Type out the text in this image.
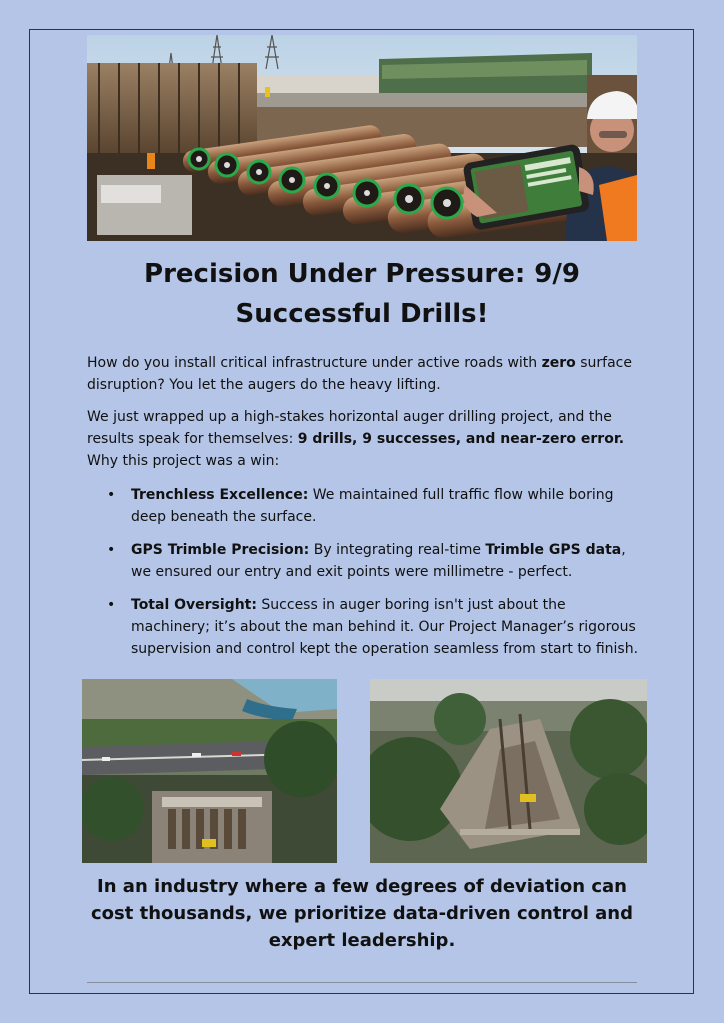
Precision Under Pressure: 9/9 Successful Drills!

How do you install critical infrastructure under active roads with zero surface disruption? You let the augers do the heavy lifting.

We just wrapped up a high-stakes horizontal auger drilling project, and the results speak for themselves: 9 drills, 9 successes, and near-zero error. Why this project was a win:

• Trenchless Excellence: We maintained full traffic flow while boring deep beneath the surface.
• GPS Trimble Precision: By integrating real-time Trimble GPS data, we ensured our entry and exit points were millimetre - perfect.
• Total Oversight: Success in auger boring isn't just about the machinery; it’s about the man behind it. Our Project Manager’s rigorous supervision and control kept the operation seamless from start to finish.

In an industry where a few degrees of deviation can cost thousands, we prioritize data-driven control and expert leadership.
